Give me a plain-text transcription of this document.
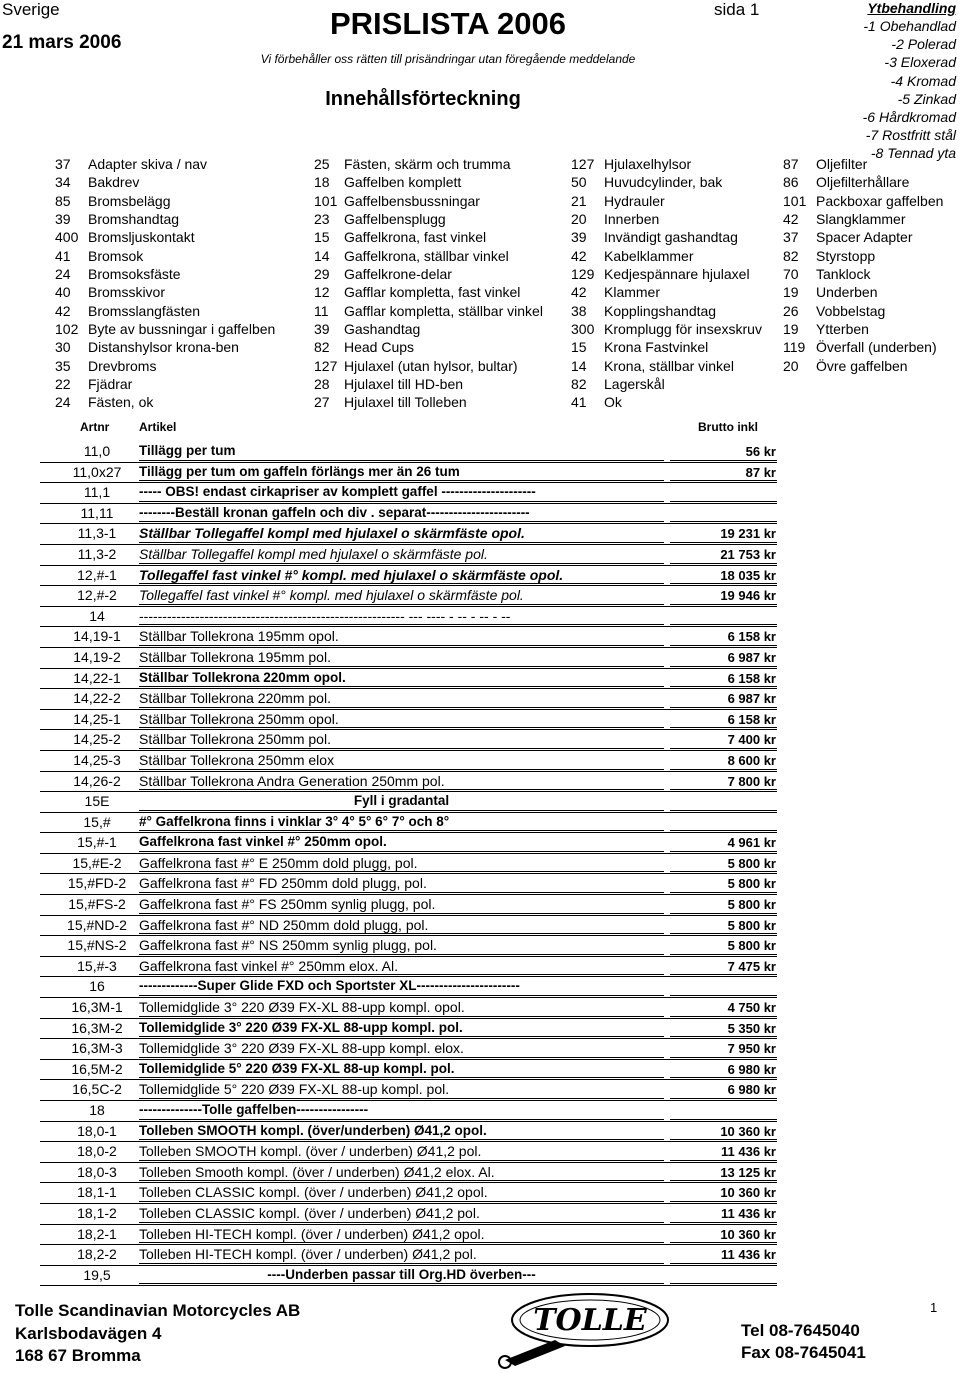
Sverige
21 mars 2006
PRISLISTA 2006
Vi förbehåller oss rätten till prisändringar utan föregående meddelande
Innehållsförteckning
sida 1	Ytbehandling
-1 Obehandlad
-2 Polerad
-3 Eloxerad
-4 Kromad
-5 Zinkad
-6 Hårdkromad
-7 Rostfritt stål
-8 Tennad yta
37 Adapter skiva / nav
34 Bakdrev
85 Bromsbelägg
39 Bromshandtag
400 Bromsljuskontakt
41 Bromsok
24 Bromsoksfäste
40 Bromsskivor
42 Bromsslangfästen
102 Byte av bussningar i gaffelben
30 Distanshylsor krona-ben
35 Drevbroms
22 Fjädrar
24 Fästen, ok
25 Fästen, skärm och trumma
18 Gaffelben komplett
101 Gaffelbensbussningar
23 Gaffelbensplugg
15 Gaffelkrona, fast vinkel
14 Gaffelkrona, ställbar vinkel
29 Gaffelkrone-delar
12 Gafflar kompletta, fast vinkel
11 Gafflar kompletta, ställbar vinkel
39 Gashandtag
82 Head Cups
127 Hjulaxel (utan hylsor, bultar)
28 Hjulaxel till HD-ben
27 Hjulaxel till Tolleben
127 Hjulaxelhylsor
50 Huvudcylinder, bak
21 Hydrauler
20 Innerben
39 Invändigt gashandtag
42 Kabelklammer
129 Kedjespännare hjulaxel
42 Klammer
38 Kopplingshandtag
300 Kromplugg för insexskruv
15 Krona Fastvinkel
14 Krona, ställbar vinkel
82 Lagerskål
41 Ok
87 Oljefilter
86 Oljefilterhållare
101 Packboxar gaffelben
42 Slangklammer
37 Spacer Adapter
82 Styrstopp
70 Tanklock
19 Underben
26 Vobbelstag
19 Ytterben
119 Överfall (underben)
20 Övre gaffelben
Artnr Artikel	Brutto inkl
11,0	Tillägg per tum	56 kr
11,0x27	Tillägg per tum om gaffeln förlängs mer än 26 tum	87 kr
11,1	----- OBS! endast cirkapriser av komplett gaffel ---------------------
11,11	--------Beställ kronan gaffeln och div . separat-----------------------
11,3-1	Ställbar Tollegaffel kompl med hjulaxel o skärmfäste opol.	19 231 kr
11,3-2	Ställbar Tollegaffel kompl med hjulaxel o skärmfäste pol.	21 753 kr
12,#-1	Tollegaffel fast vinkel #° kompl. med hjulaxel o skärmfäste opol.	18 035 kr
12,#-2	Tollegaffel fast vinkel #° kompl. med hjulaxel o skärmfäste pol.	19 946 kr
14	--------------------------------------------------------- --- ---- - -- - -- - --
14,19-1	Ställbar Tollekrona 195mm opol.	6 158 kr
14,19-2	Ställbar Tollekrona 195mm pol.	6 987 kr
14,22-1	Ställbar Tollekrona 220mm opol.	6 158 kr
14,22-2	Ställbar Tollekrona 220mm pol.	6 987 kr
14,25-1	Ställbar Tollekrona 250mm opol.	6 158 kr
14,25-2	Ställbar Tollekrona 250mm pol.	7 400 kr
14,25-3	Ställbar Tollekrona 250mm elox	8 600 kr
14,26-2	Ställbar Tollekrona Andra Generation 250mm pol.	7 800 kr
15E	Fyll i gradantal
15,#	#° Gaffelkrona finns i vinklar 3° 4° 5° 6° 7° och 8°
15,#-1	Gaffelkrona fast vinkel #° 250mm opol.	4 961 kr
15,#E-2	Gaffelkrona fast #° E 250mm dold plugg, pol.	5 800 kr
15,#FD-2 Gaffelkrona fast #° FD 250mm dold plugg, pol.	5 800 kr
15,#FS-2 Gaffelkrona fast #° FS 250mm synlig plugg, pol.	5 800 kr
15,#ND-2 Gaffelkrona fast #° ND 250mm dold plugg, pol.	5 800 kr
15,#NS-2 Gaffelkrona fast #° NS 250mm synlig plugg, pol.	5 800 kr
15,#-3	Gaffelkrona fast vinkel #° 250mm elox. Al.	7 475 kr
16	-------------Super Glide FXD och Sportster XL-----------------------
16,3M-1	Tollemidglide 3° 220 Ø39 FX-XL 88-upp kompl. opol.	4 750 kr
16,3M-2	Tollemidglide 3° 220 Ø39 FX-XL 88-upp kompl. pol.	5 350 kr
16,3M-3	Tollemidglide 3° 220 Ø39 FX-XL 88-upp kompl. elox.	7 950 kr
16,5M-2	Tollemidglide 5° 220 Ø39 FX-XL 88-up kompl. pol.	6 980 kr
16,5C-2	Tollemidglide 5° 220 Ø39 FX-XL 88-up kompl. pol.	6 980 kr
18	--------------Tolle gaffelben----------------
18,0-1	Tolleben SMOOTH kompl. (över/underben) Ø41,2 opol.	10 360 kr
18,0-2	Tolleben SMOOTH kompl. (över / underben) Ø41,2 pol.	11 436 kr
18,0-3	Tolleben Smooth kompl. (över / underben) Ø41,2 elox. Al.	13 125 kr
18,1-1	Tolleben CLASSIC kompl. (över / underben) Ø41,2 opol.	10 360 kr
18,1-2	Tolleben CLASSIC kompl. (över / underben) Ø41,2 pol.	11 436 kr
18,2-1	Tolleben HI-TECH kompl. (över / underben) Ø41,2 opol.	10 360 kr
18,2-2	Tolleben HI-TECH kompl. (över / underben) Ø41,2 pol.	11 436 kr
19,5	----Underben passar till Org.HD överben---
Tolle Scandinavian Motorcycles AB
Karlsbodavägen 4
168 67 Bromma
TOLLE	Tel 08-7645040
Fax 08-7645041
1
